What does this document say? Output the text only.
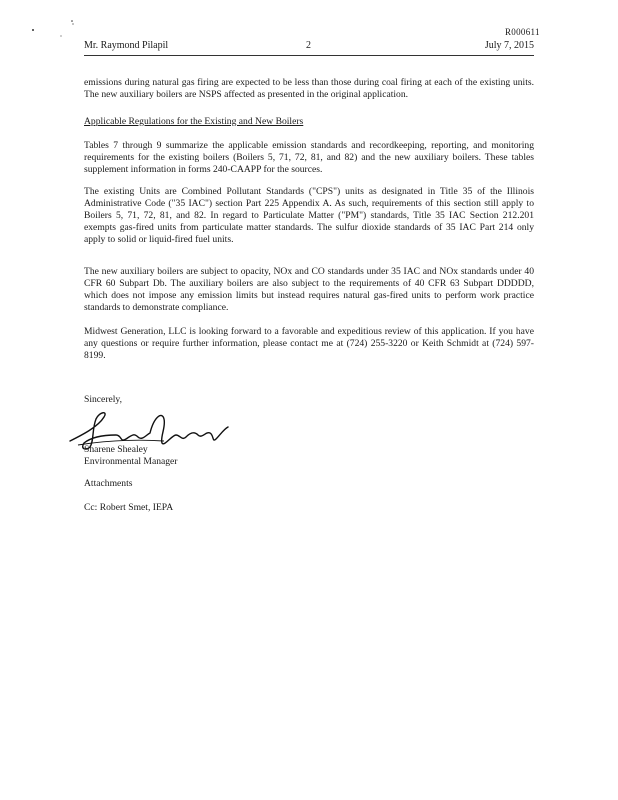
R000611
Mr. Raymond Pilapil	2	July 7, 2015

emissions during natural gas firing are expected to be less than those during coal firing at each of the existing units. The new auxiliary boilers are NSPS affected as presented in the original application.

Applicable Regulations for the Existing and New Boilers

Tables 7 through 9 summarize the applicable emission standards and recordkeeping, reporting, and monitoring requirements for the existing boilers (Boilers 5, 71, 72, 81, and 82) and the new auxiliary boilers. These tables supplement information in forms 240-CAAPP for the sources.

The existing Units are Combined Pollutant Standards ("CPS") units as designated in Title 35 of the Illinois Administrative Code ("35 IAC") section Part 225 Appendix A. As such, requirements of this section still apply to Boilers 5, 71, 72, 81, and 82. In regard to Particulate Matter ("PM") standards, Title 35 IAC Section 212.201 exempts gas-fired units from particulate matter standards. The sulfur dioxide standards of 35 IAC Part 214 only apply to solid or liquid-fired fuel units.

The new auxiliary boilers are subject to opacity, NOx and CO standards under 35 IAC and NOx standards under 40 CFR 60 Subpart Db. The auxiliary boilers are also subject to the requirements of 40 CFR 63 Subpart DDDDD, which does not impose any emission limits but instead requires natural gas-fired units to perform work practice standards to demonstrate compliance.

Midwest Generation, LLC is looking forward to a favorable and expeditious review of this application. If you have any questions or require further information, please contact me at (724) 255-3220 or Keith Schmidt at (724) 597-8199.

Sincerely,
Sharene Shealey
Environmental Manager
Attachments
Cc: Robert Smet, IEPA
